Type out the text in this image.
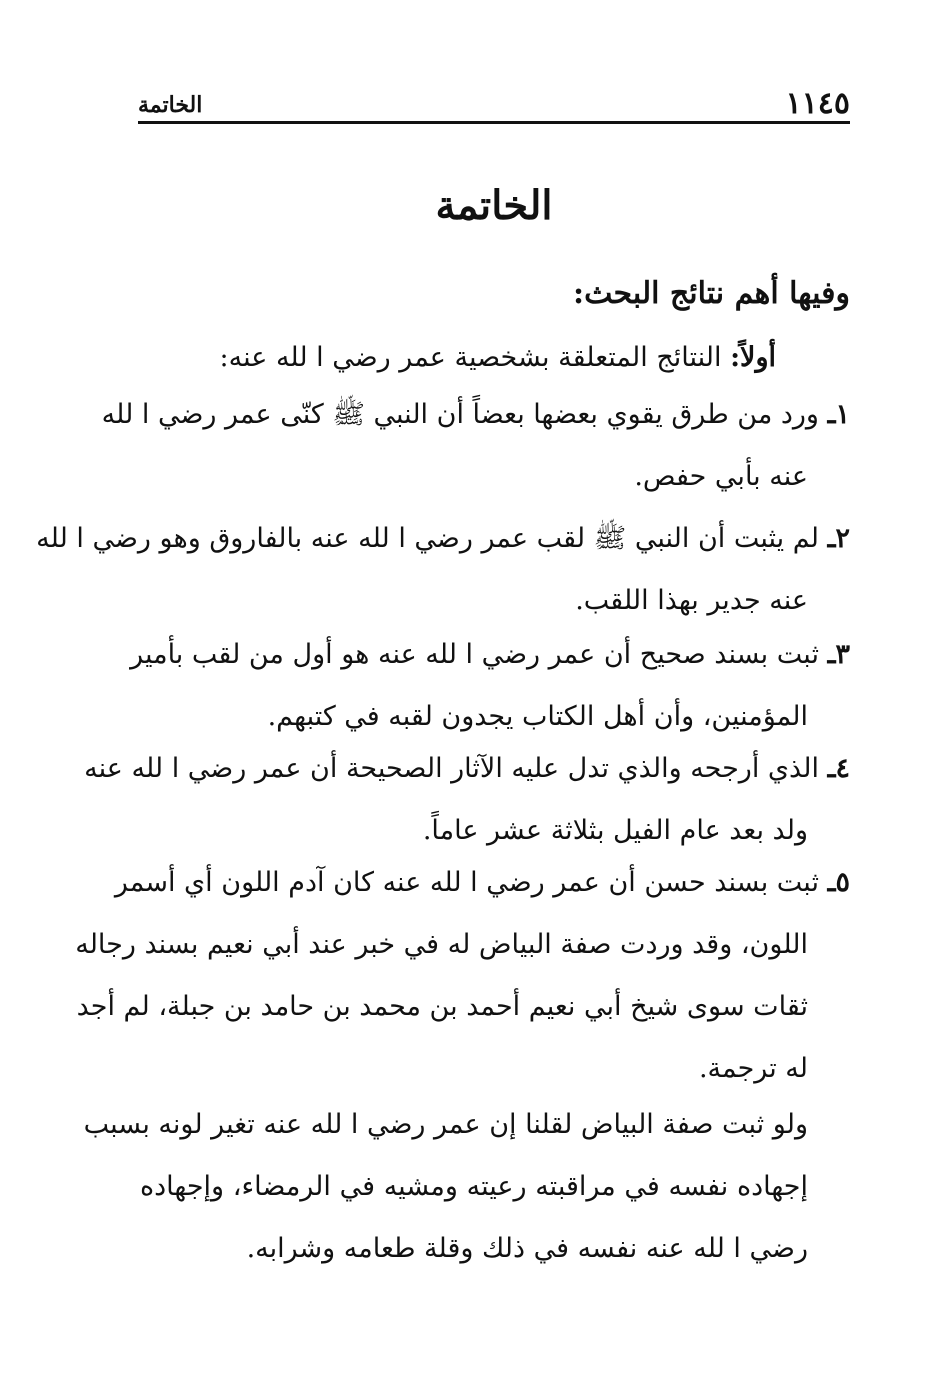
١١٤٥
الخاتمة
الخاتمة
وفيها أهم نتائج البحث:
أولاً: النتائج المتعلقة بشخصية عمر رضي ا لله عنه:
١ـ ورد من طرق يقوي بعضها بعضاً أن النبي ﷺ كنّى عمر رضي ا لله
عنه بأبي حفص.
٢ـ لم يثبت أن النبي ﷺ لقب عمر رضي ا لله عنه بالفاروق وهو رضي ا لله
عنه جدير بهذا اللقب.
٣ـ ثبت بسند صحيح أن عمر رضي ا لله عنه هو أول من لقب بأمير
المؤمنين، وأن أهل الكتاب يجدون لقبه في كتبهم.
٤ـ الذي أرجحه والذي تدل عليه الآثار الصحيحة أن عمر رضي ا لله عنه
ولد بعد عام الفيل بثلاثة عشر عاماً.
٥ـ ثبت بسند حسن أن عمر رضي ا لله عنه كان آدم اللون أي أسمر
اللون، وقد وردت صفة البياض له في خبر عند أبي نعيم بسند رجاله
ثقات سوى شيخ أبي نعيم أحمد بن محمد بن حامد بن جبلة، لم أجد
له ترجمة.
ولو ثبت صفة البياض لقلنا إن عمر رضي ا لله عنه تغير لونه بسبب
إجهاده نفسه في مراقبته رعيته ومشيه في الرمضاء، وإجهاده
رضي ا لله عنه نفسه في ذلك وقلة طعامه وشرابه.
